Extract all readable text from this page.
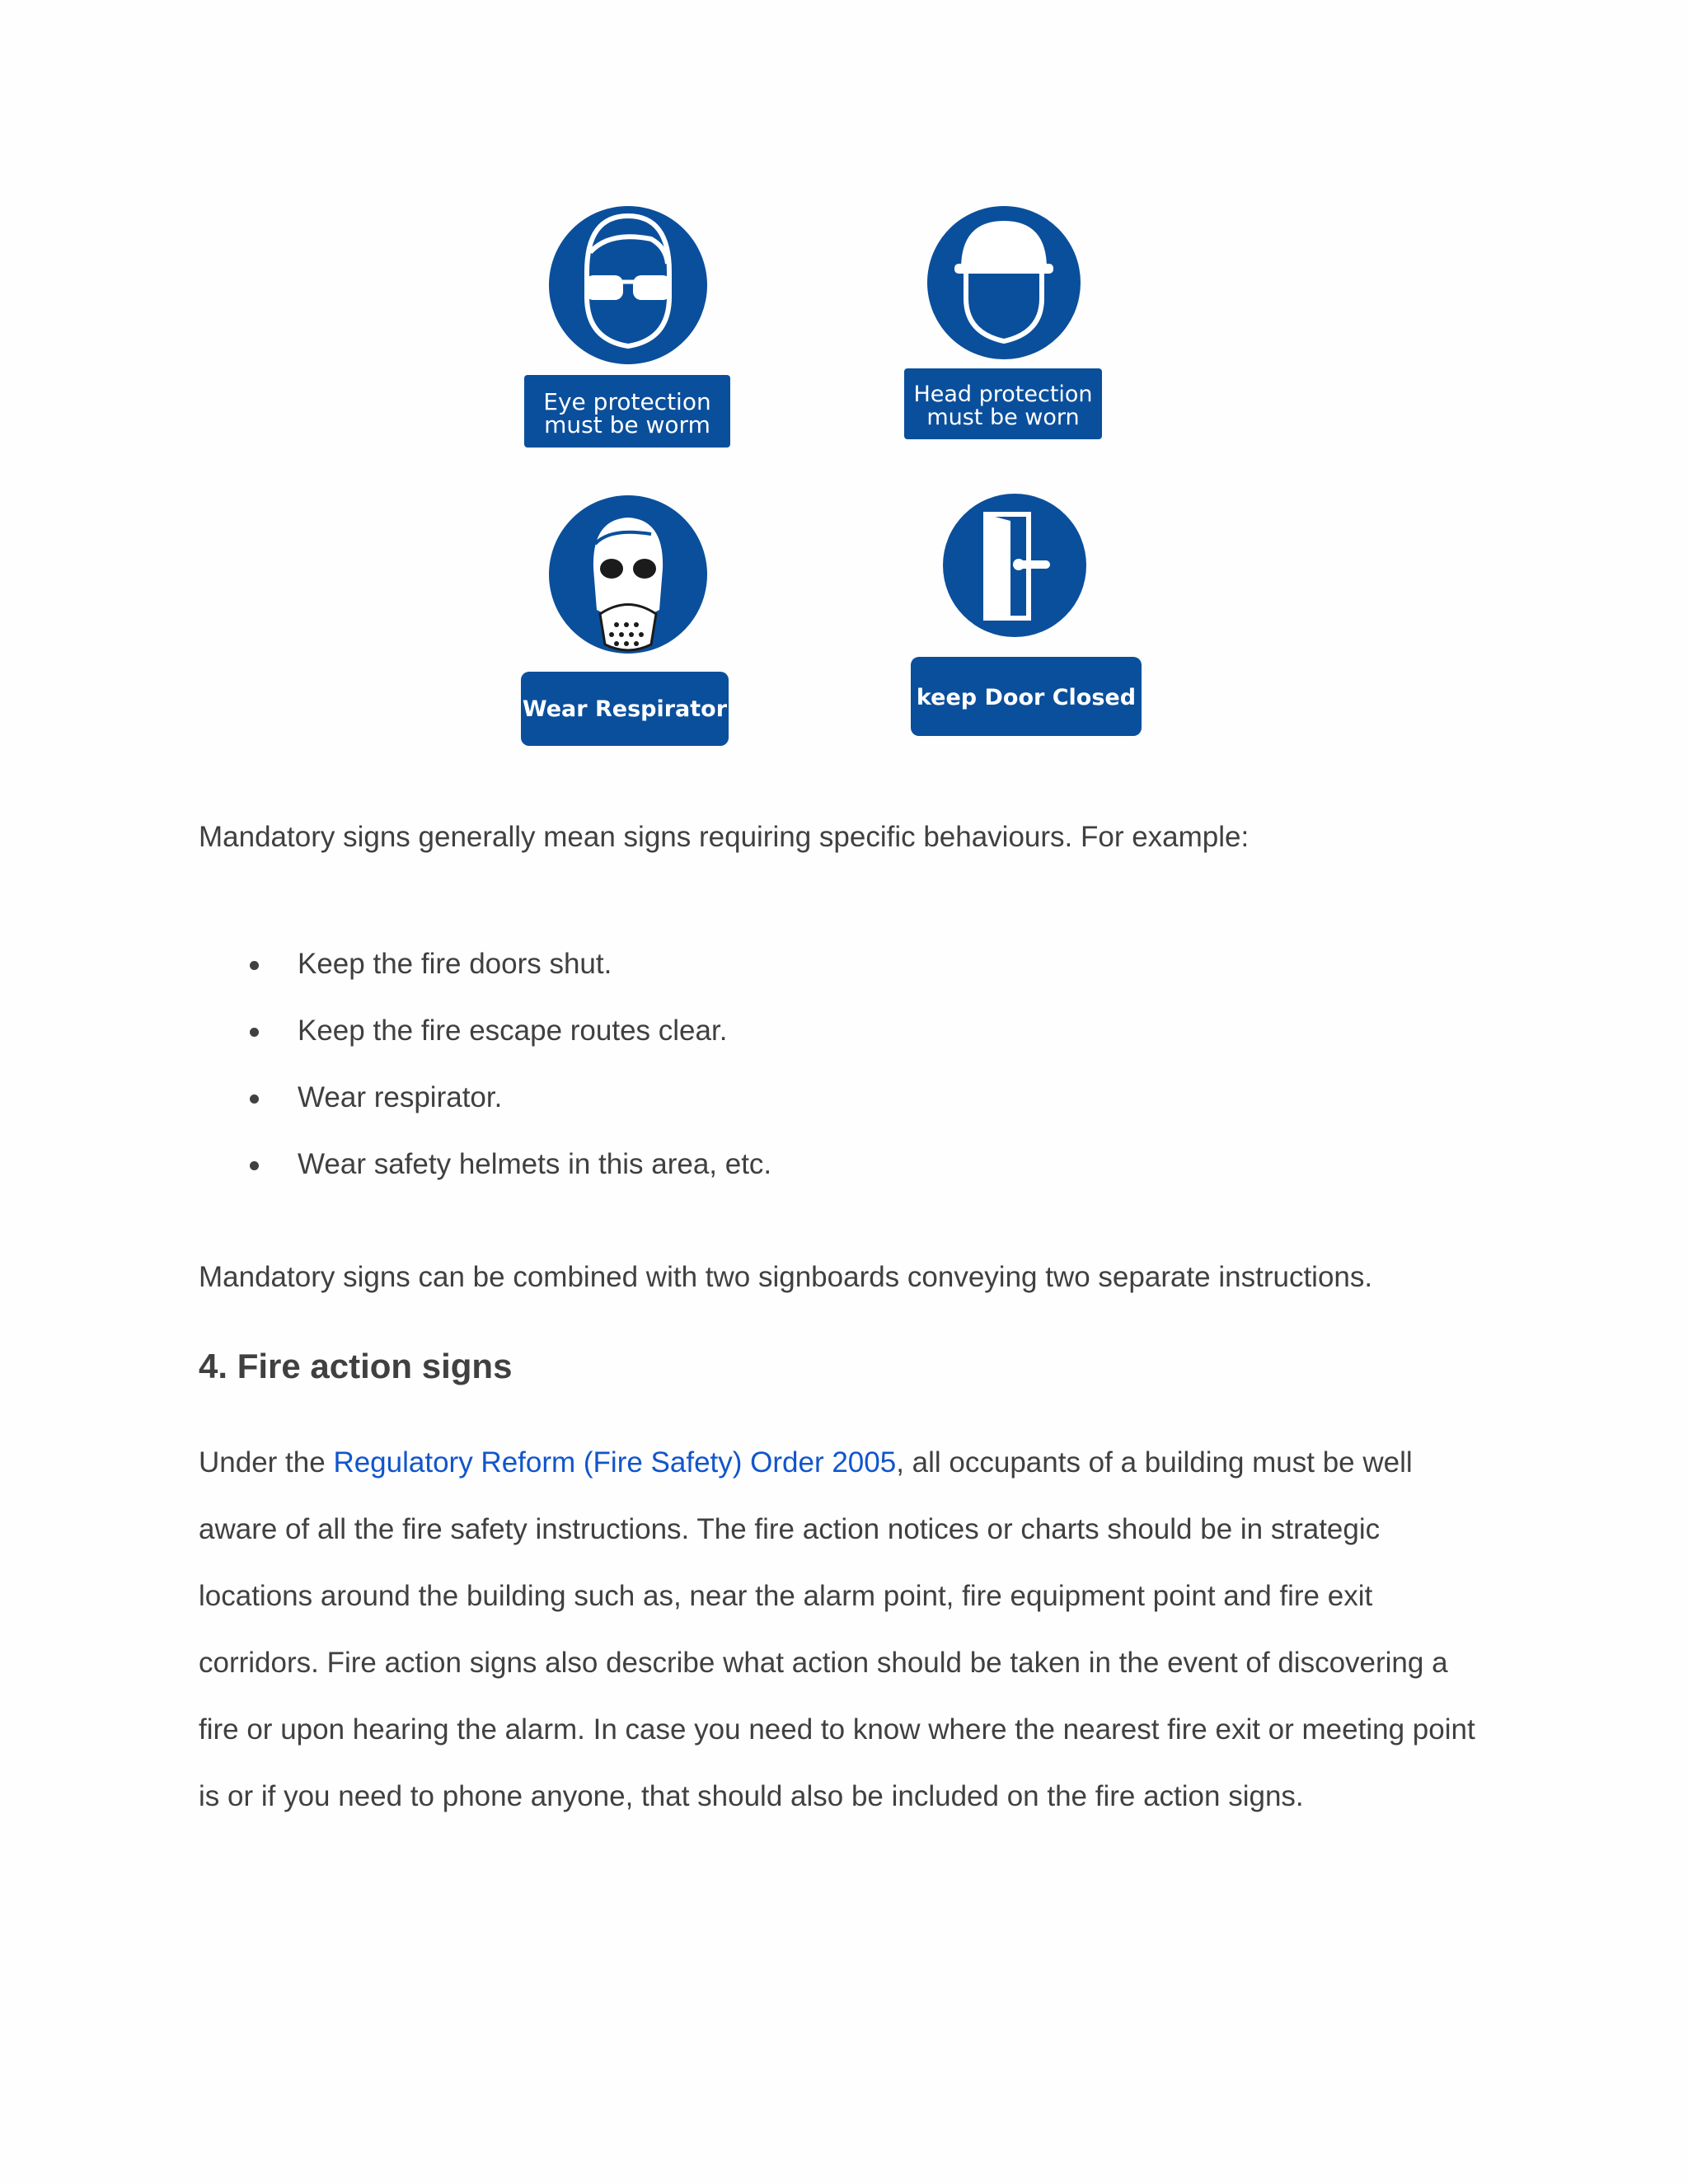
Eye protection
must be worm
Head protection
must be worn
Wear Respirator	keep Door Closed

Mandatory signs generally mean signs requiring specific behaviours. For example:

Keep the fire doors shut.
Keep the fire escape routes clear.
Wear respirator.
Wear safety helmets in this area, etc.

Mandatory signs can be combined with two signboards conveying two separate instructions.

4. Fire action signs

Under the Regulatory Reform (Fire Safety) Order 2005, all occupants of a building must be well
aware of all the fire safety instructions. The fire action notices or charts should be in strategic
locations around the building such as, near the alarm point, fire equipment point and fire exit
corridors. Fire action signs also describe what action should be taken in the event of discovering a
fire or upon hearing the alarm. In case you need to know where the nearest fire exit or meeting point
is or if you need to phone anyone, that should also be included on the fire action signs.
